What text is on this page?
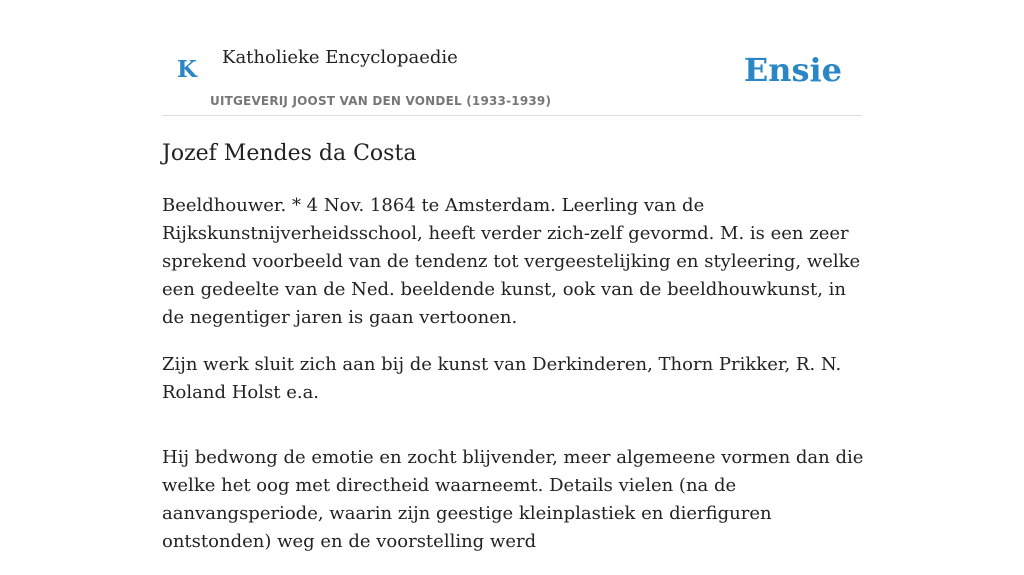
K Katholieke Encyclopaedie
UITGEVERIJ JOOST VAN DEN VONDEL (1933-1939)
Ensie
Jozef Mendes da Costa

Beeldhouwer. * 4 Nov. 1864 te Amsterdam. Leerling van de Rijkskunstnijverheidsschool, heeft verder zich-zelf gevormd. M. is een zeer sprekend voorbeeld van de tendenz tot vergeestelijking en styleering, welke een gedeelte van de Ned. beeldende kunst, ook van de beeldhouwkunst, in de negentiger jaren is gaan vertoonen.

Zijn werk sluit zich aan bij de kunst van Derkinderen, Thorn Prikker, R. N. Roland Holst e.a.

Hij bedwong de emotie en zocht blijvender, meer algemeene vormen dan die welke het oog met directheid waarneemt. Details vielen (na de aanvangsperiode, waarin zijn geestige kleinplastiek en dierfiguren ontstonden) weg en de voorstelling werd
